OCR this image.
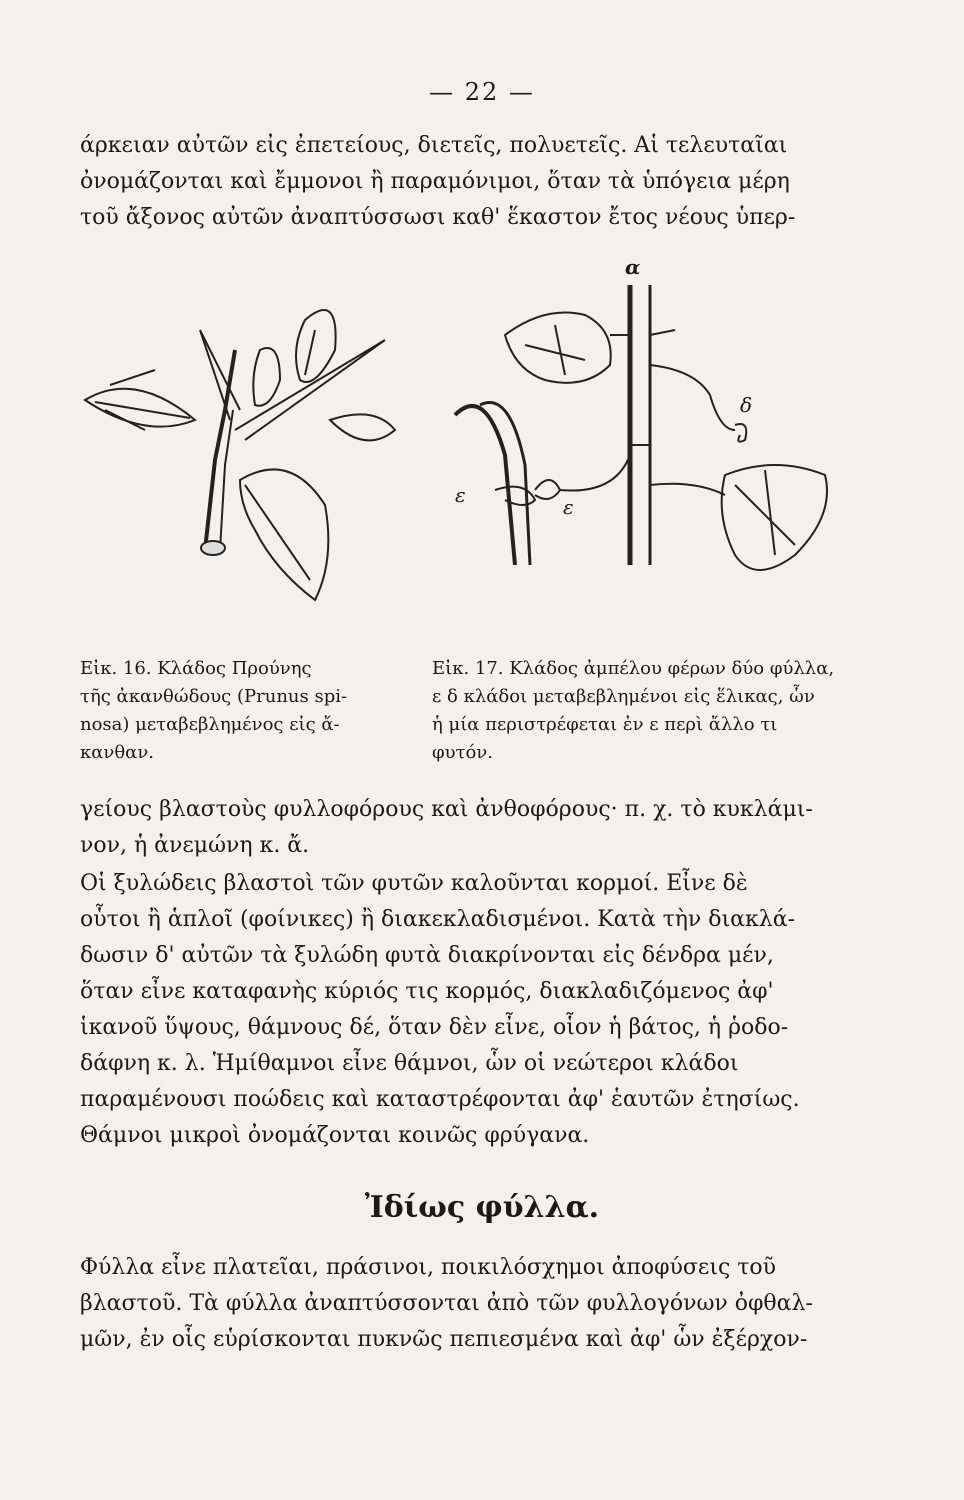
— 22 —

άρκειαν αὐτῶν εἰς ἐπετείους, διετεῖς, πολυετεῖς. Αἱ τελευταῖαι
ὀνομάζονται καὶ ἔμμονοι ἢ παραμόνιμοι, ὅταν τὰ ὑπόγεια μέρη
τοῦ ἄξονος αὐτῶν ἀναπτύσσωσι καθ' ἕκαστον ἔτος νέους ὑπερ-

α
δ
ε	ε
Εἰκ. 16. Κλάδος Προύνης
τῆς ἀκανθώδους (Prunus spi-
nosa) μεταβεβλημένος εἰς ἄ-
κανθαν.
Εἰκ. 17. Κλάδος ἀμπέλου φέρων δύο φύλλα,
ε δ κλάδοι μεταβεβλημένοι εἰς ἕλικας, ὧν
ἡ μία περιστρέφεται ἐν ε περὶ ἄλλο τι
φυτόν.

γείους βλαστοὺς φυλλοφόρους καὶ ἀνθοφόρους· π. χ. τὸ κυκλάμι-
νον, ἡ ἀνεμώνη κ. ἄ.

Οἱ ξυλώδεις βλαστοὶ τῶν φυτῶν καλοῦνται κορμοί. Εἶνε δὲ
οὗτοι ἢ ἁπλοῖ (φοίνικες) ἢ διακεκλαδισμένοι. Κατὰ τὴν διακλά-
δωσιν δ' αὐτῶν τὰ ξυλώδη φυτὰ διακρίνονται εἰς δένδρα μέν,
ὅταν εἶνε καταφανὴς κύριός τις κορμός, διακλαδιζόμενος ἀφ'
ἱκανοῦ ὕψους, θάμνους δέ, ὅταν δὲν εἶνε, οἷον ἡ βάτος, ἡ ῥοδο-
δάφνη κ. λ. Ἡμίθαμνοι εἶνε θάμνοι, ὧν οἱ νεώτεροι κλάδοι
παραμένουσι ποώδεις καὶ καταστρέφονται ἀφ' ἑαυτῶν ἐτησίως.
Θάμνοι μικροὶ ὀνομάζονται κοινῶς φρύγανα.

Ἰδίως φύλλα.

Φύλλα εἶνε πλατεῖαι, πράσινοι, ποικιλόσχημοι ἀποφύσεις τοῦ
βλαστοῦ. Τὰ φύλλα ἀναπτύσσονται ἀπὸ τῶν φυλλογόνων ὀφθαλ-
μῶν, ἐν οἷς εὑρίσκονται πυκνῶς πεπιεσμένα καὶ ἀφ' ὧν ἐξέρχον-
